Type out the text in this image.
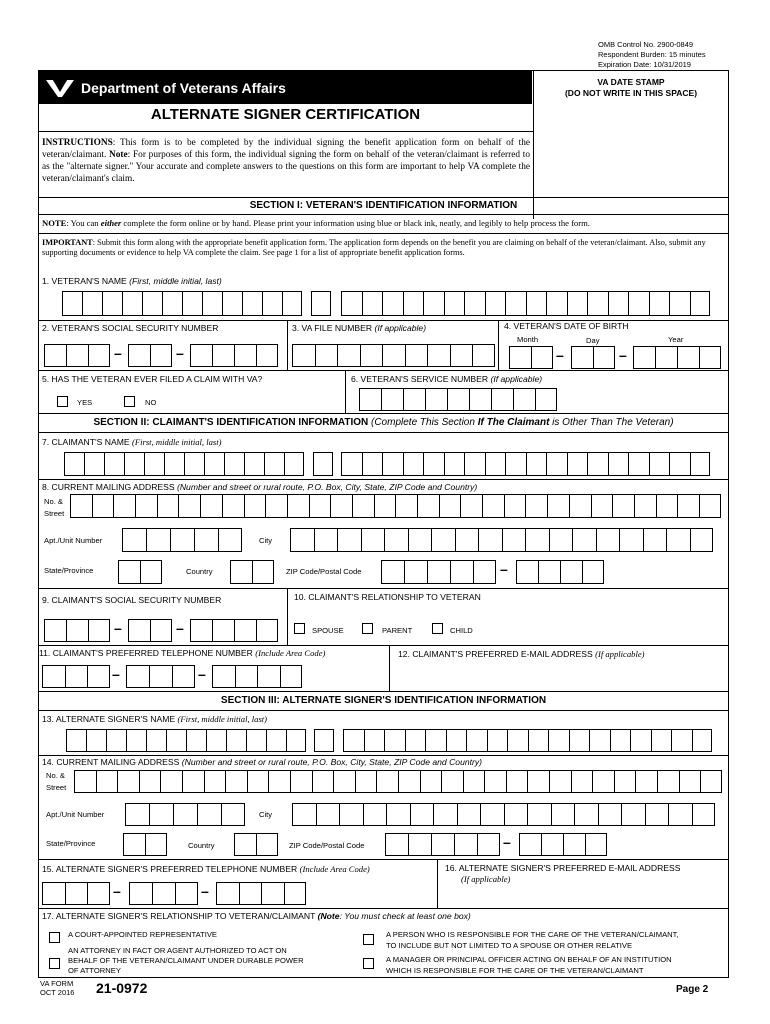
OMB Control No. 2900-0849
Respondent Burden: 15 minutes
Expiration Date: 10/31/2019
Department of Veterans Affairs	VA DATE STAMP
(DO NOT WRITE IN THIS SPACE)
ALTERNATE SIGNER CERTIFICATION
INSTRUCTIONS: This form is to be completed by the individual signing the benefit application form on behalf of the veteran/claimant. Note: For purposes of this form, the individual signing the form on behalf of the veteran/claimant is referred to as the "alternate signer." Your accurate and complete answers to the questions on this form are important to help VA complete the veteran/claimant's claim.
SECTION I: VETERAN'S IDENTIFICATION INFORMATION
NOTE: You can either complete the form online or by hand. Please print your information using blue or black ink, neatly, and legibly to help process the form.
IMPORTANT: Submit this form along with the appropriate benefit application form. The application form depends on the benefit you are claiming on behalf of the veteran/claimant. Also, submit any supporting documents or evidence to help VA complete the claim. See page 1 for a list of appropriate benefit application forms.
1. VETERAN'S NAME (First, middle initial, last)
2. VETERAN'S SOCIAL SECURITY NUMBER	3. VA FILE NUMBER (If applicable)	4. VETERAN'S DATE OF BIRTH
Month	Day	Year
–	–	–	–
5. HAS THE VETERAN EVER FILED A CLAIM WITH VA?
YES	NO
6. VETERAN'S SERVICE NUMBER (If applicable)
SECTION II: CLAIMANT'S IDENTIFICATION INFORMATION (Complete This Section If The Claimant is Other Than The Veteran)
7. CLAIMANT'S NAME (First, middle initial, last)
8. CURRENT MAILING ADDRESS (Number and street or rural route, P.O. Box, City, State, ZIP Code and Country)
No. &
Street
Apt./Unit Number	City
State/Province	Country	ZIP Code/Postal Code	–
9. CLAIMANT'S SOCIAL SECURITY NUMBER	10. CLAIMANT'S RELATIONSHIP TO VETERAN
–	–	SPOUSE	PARENT	CHILD
11. CLAIMANT'S PREFERRED TELEPHONE NUMBER (Include Area Code)	12. CLAIMANT'S PREFERRED E-MAIL ADDRESS (If applicable)
–	–
SECTION III: ALTERNATE SIGNER'S IDENTIFICATION INFORMATION
13. ALTERNATE SIGNER'S NAME (First, middle initial, last)
14. CURRENT MAILING ADDRESS (Number and street or rural route, P.O. Box, City, State, ZIP Code and Country)
No. &
Street
Apt./Unit Number	City
State/Province	Country	ZIP Code/Postal Code	–
15. ALTERNATE SIGNER'S PREFERRED TELEPHONE NUMBER (Include Area Code)	16. ALTERNATE SIGNER'S PREFERRED E-MAIL ADDRESS
(If applicable)
–	–
17. ALTERNATE SIGNER'S RELATIONSHIP TO VETERAN/CLAIMANT (Note: You must check at least one box)
A COURT-APPOINTED REPRESENTATIVE
AN ATTORNEY IN FACT OR AGENT AUTHORIZED TO ACT ON
BEHALF OF THE VETERAN/CLAIMANT UNDER DURABLE POWER
OF ATTORNEY
A PERSON WHO IS RESPONSIBLE FOR THE CARE OF THE VETERAN/CLAIMANT,
TO INCLUDE BUT NOT LIMITED TO A SPOUSE OR OTHER RELATIVE
A MANAGER OR PRINCIPAL OFFICER ACTING ON BEHALF OF AN INSTITUTION
WHICH IS RESPONSIBLE FOR THE CARE OF THE VETERAN/CLAIMANT
VA FORM
OCT 2016 21-0972	Page 2
